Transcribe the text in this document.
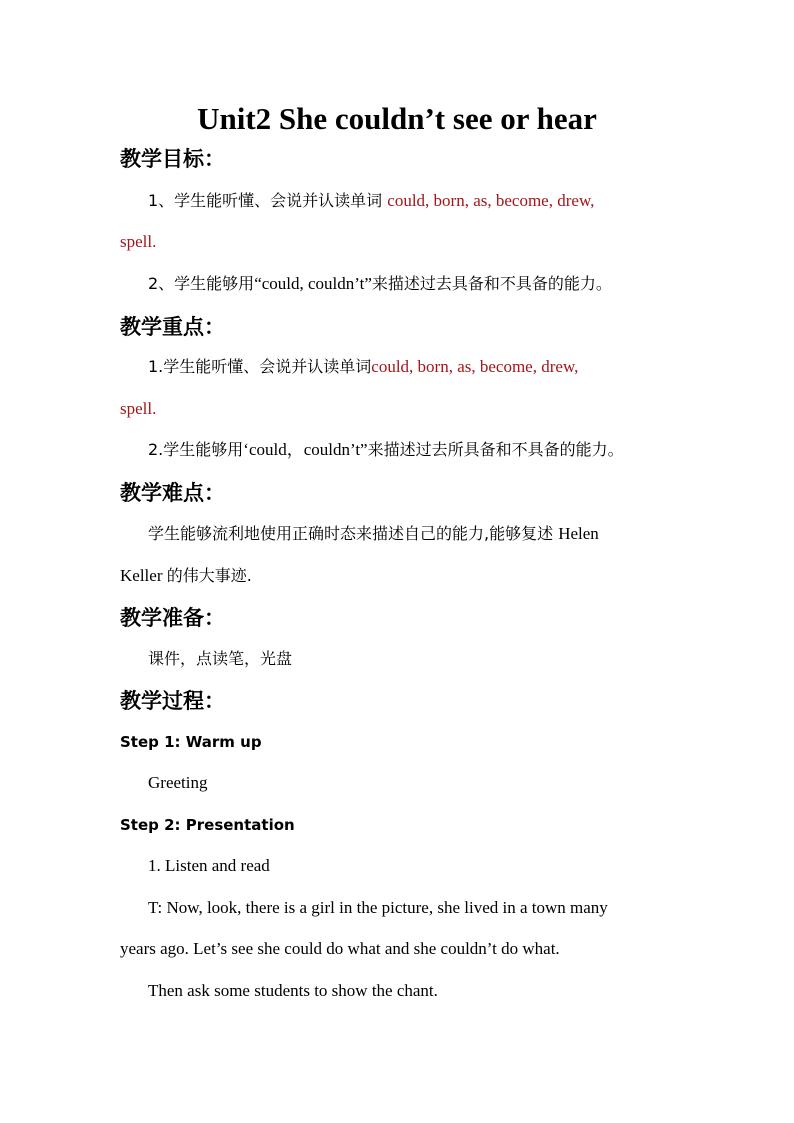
Unit2 She couldn’t see or hear
教学目标：
1、学生能听懂、会说并认读单词 could, born, as, become, drew,
spell.
2、学生能够用“could, couldn’t”来描述过去具备和不具备的能力。
教学重点：
1.学生能听懂、会说并认读单词could, born, as, become, drew,
spell.
2.学生能够用‘could，couldn’t”来描述过去所具备和不具备的能力。
教学难点：
学生能够流利地使用正确时态来描述自己的能力,能够复述 Helen
Keller 的伟大事迹.
教学准备：
课件，点读笔，光盘
教学过程：
Step 1: Warm up
Greeting
Step 2: Presentation
1. Listen and read
T: Now, look, there is a girl in the picture, she lived in a town many
years ago. Let’s see she could do what and she couldn’t do what.
Then ask some students to show the chant.
